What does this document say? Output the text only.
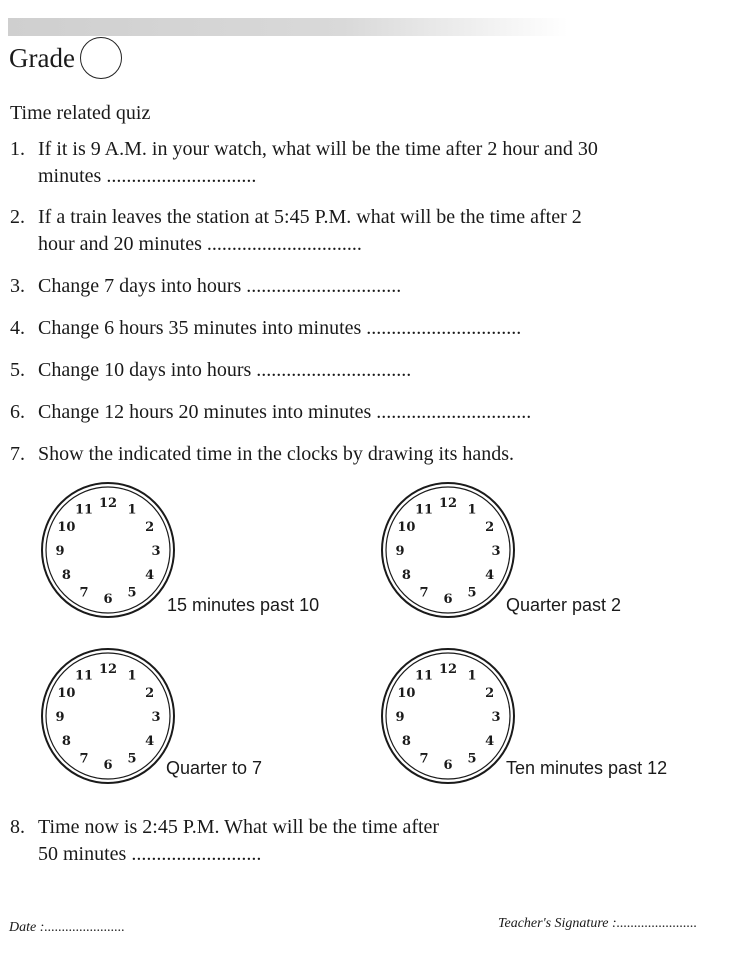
Grade
Time related quiz
1. If it is 9 A.M. in your watch, what will be the time after 2 hour and 30
minutes ..............................
2. If a train leaves the station at 5:45 P.M. what will be the time after 2
hour and 20 minutes ...............................
3. Change 7 days into hours ...............................
4. Change 6 hours 35 minutes into minutes ...............................
5. Change 10 days into hours ...............................
6. Change 12 hours 20 minutes into minutes ...............................
7. Show the indicated time in the clocks by drawing its hands.
12 1
2
3
4
5
6
7
8
9
10
11
15 minutes past 10
12 1
2
3
4
5
6
7
8
9
10
11
Quarter past 2
12 1
2
3
4
5
6
7
8
9
10
11
Quarter to 7
12 1
2
3
4
5
6
7
8
9
10
11
Ten minutes past 12
8. Time now is 2:45 P.M. What will be the time after
50 minutes ..........................
Date :.......................	Teacher's Signature :.......................
